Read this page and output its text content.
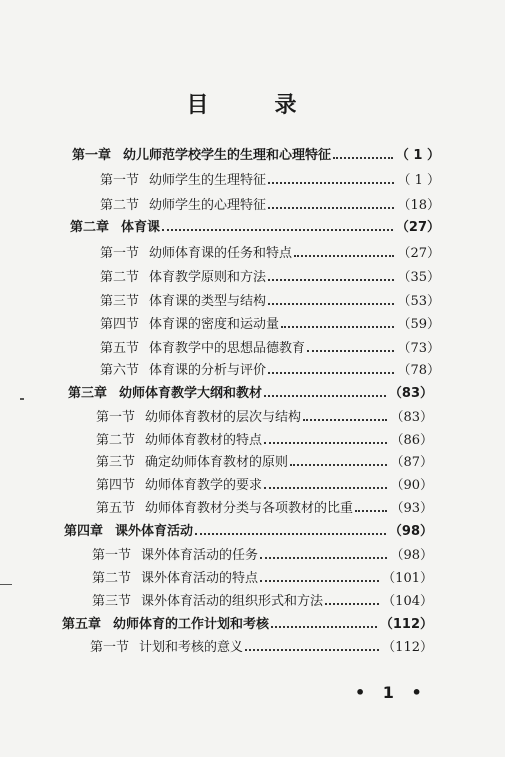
目　录
第一章 幼儿师范学校学生的生理和心理特征	（ 1 ）
第一节 幼师学生的生理特征	（ 1 ）
第二节 幼师学生的心理特征	（18）
第二章 体育课	（27）
第一节 幼师体育课的任务和特点	（27）
第二节 体育教学原则和方法	（35）
第三节 体育课的类型与结构	（53）
第四节 体育课的密度和运动量	（59）
第五节 体育教学中的思想品德教育	（73）
第六节 体育课的分析与评价	（78）
第三章 幼师体育教学大纲和教材	（83）
第一节 幼师体育教材的层次与结构	（83）
第二节 幼师体育教材的特点	（86）
第三节 确定幼师体育教材的原则	（87）
第四节 幼师体育教学的要求	（90）
第五节 幼师体育教材分类与各项教材的比重	（93）
第四章 课外体育活动	（98）
第一节 课外体育活动的任务	（98）
第二节 课外体育活动的特点	（101）
第三节 课外体育活动的组织形式和方法	（104）
第五章 幼师体育的工作计划和考核	（112）
第一节 计划和考核的意义	（112）
• 1 •
